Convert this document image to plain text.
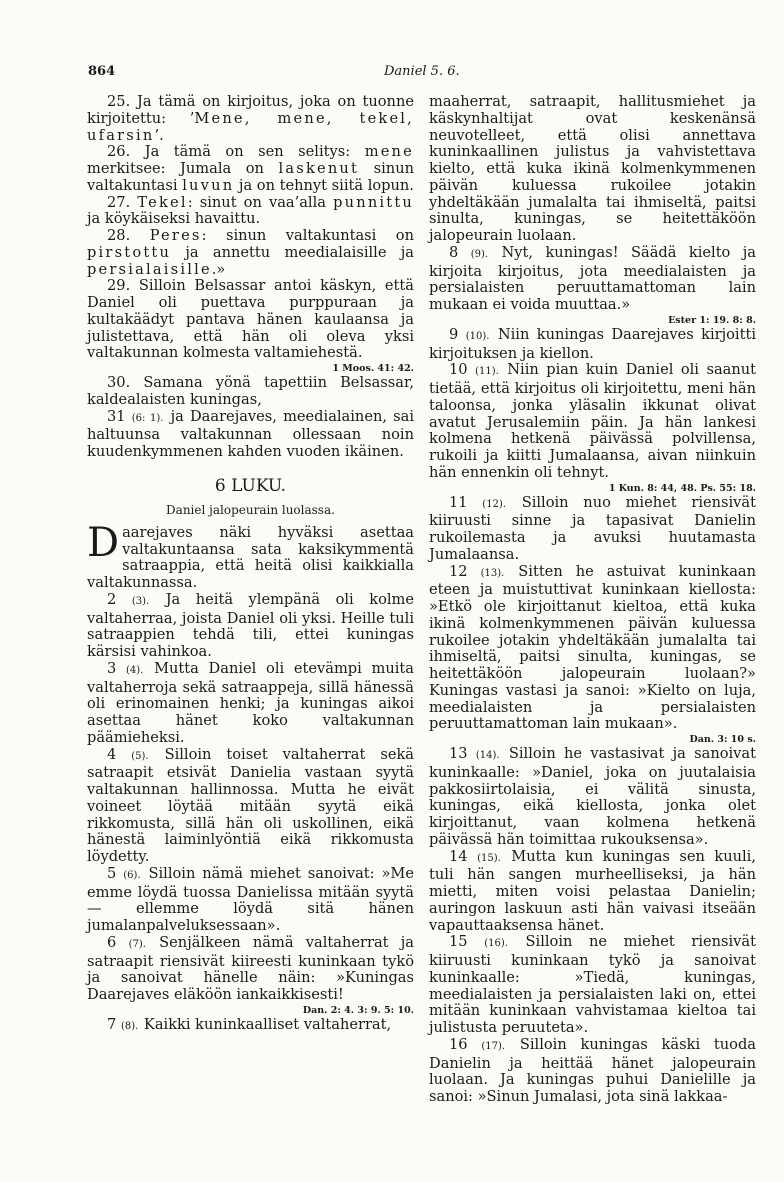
864	Daniel 5. 6.

25. Ja tämä on kirjoitus, joka on tuonne kirjoitettu: ’Mene, mene, tekel, ufarsin’.

26. Ja tämä on sen selitys: mene merkitsee: Jumala on laskenut sinun valtakuntasi luvun ja on tehnyt siitä lopun.

27. Tekel: sinut on vaa’alla punnittu ja köykäiseksi havaittu.

28. Peres: sinun valtakuntasi on pirstottu ja annettu meedialaisille ja persialaisille.»

29. Silloin Belsassar antoi käskyn, että Daniel oli puettava purppuraan ja kultakäädyt pantava hänen kaulaansa ja julistettava, että hän oli oleva yksi valtakunnan kolmesta valtamiehestä.

1 Moos. 41: 42.

30. Samana yönä tapettiin Belsassar, kaldealaisten kuningas,

31 (6: 1). ja Daarejaves, meedialainen, sai haltuunsa valtakunnan ollessaan noin kuudenkymmenen kahden vuoden ikäinen.

6 LUKU.
Daniel jalopeurain luolassa.

Daarejaves näki hyväksi asettaa valtakuntaansa sata kaksikymmentä satraappia, että heitä olisi kaikkialla valtakunnassa.

2 (3). Ja heitä ylempänä oli kolme valtaherraa, joista Daniel oli yksi. Heille tuli satraappien tehdä tili, ettei kuningas kärsisi vahinkoa.

3 (4). Mutta Daniel oli etevämpi muita valtaherroja sekä satraappeja, sillä hänessä oli erinomainen henki; ja kuningas aikoi asettaa hänet koko valtakunnan päämieheksi.

4 (5). Silloin toiset valtaherrat sekä satraapit etsivät Danielia vastaan syytä valtakunnan hallinnossa. Mutta he eivät voineet löytää mitään syytä eikä rikkomusta, sillä hän oli uskollinen, eikä hänestä laiminlyöntiä eikä rikkomusta löydetty.

5 (6). Silloin nämä miehet sanoivat: »Me emme löydä tuossa Danielissa mitään syytä — ellemme löydä sitä hänen jumalanpalveluksessaan».

6 (7). Senjälkeen nämä valtaherrat ja satraapit riensivät kiireesti kuninkaan tykö ja sanoivat hänelle näin: »Kuningas Daarejaves eläköön iankaikkisesti!

Dan. 2: 4. 3: 9. 5: 10.

7 (8). Kaikki kuninkaalliset valtaherrat,

maaherrat, satraapit, hallitusmiehet ja käskynhaltijat ovat keskenänsä neuvotelleet, että olisi annettava kuninkaallinen julistus ja vahvistettava kielto, että kuka ikinä kolmenkymmenen päivän kuluessa rukoilee jotakin yhdeltäkään jumalalta tai ihmiseltä, paitsi sinulta, kuningas, se heitettäköön jalopeurain luolaan.

8 (9). Nyt, kuningas! Säädä kielto ja kirjoita kirjoitus, jota meedialaisten ja persialaisten peruuttamattoman lain mukaan ei voida muuttaa.»

Ester 1: 19. 8: 8.

9 (10). Niin kuningas Daarejaves kirjoitti kirjoituksen ja kiellon.

10 (11). Niin pian kuin Daniel oli saanut tietää, että kirjoitus oli kirjoitettu, meni hän taloonsa, jonka yläsalin ikkunat olivat avatut Jerusalemiin päin. Ja hän lankesi kolmena hetkenä päivässä polvillensa, rukoili ja kiitti Jumalaansa, aivan niinkuin hän ennenkin oli tehnyt.

1 Kun. 8: 44, 48. Ps. 55: 18.

11 (12). Silloin nuo miehet riensivät kiiruusti sinne ja tapasivat Danielin rukoilemasta ja avuksi huutamasta Jumalaansa.

12 (13). Sitten he astuivat kuninkaan eteen ja muistuttivat kuninkaan kiellosta: »Etkö ole kirjoittanut kieltoa, että kuka ikinä kolmenkymmenen päivän kuluessa rukoilee jotakin yhdeltäkään jumalalta tai ihmiseltä, paitsi sinulta, kuningas, se heitettäköön jalopeurain luolaan?» Kuningas vastasi ja sanoi: »Kielto on lujа, meedialaisten ja persialaisten peruuttamattoman lain mukaan».

Dan. 3: 10 s.

13 (14). Silloin he vastasivat ja sanoivat kuninkaalle: »Daniel, joka on juutalaisia pakkosiirtolaisia, ei välitä sinusta, kuningas, eikä kiellosta, jonka olet kirjoittanut, vaan kolmena hetkenä päivässä hän toimittaa rukouksensa».

14 (15). Mutta kun kuningas sen kuuli, tuli hän sangen murheelliseksi, ja hän mietti, miten voisi pelastaa Danielin; auringon laskuun asti hän vaivasi itseään vapauttaaksensa hänet.

15 (16). Silloin ne miehet riensivät kiiruusti kuninkaan tykö ja sanoivat kuninkaalle: »Tiedä, kuningas, meedialaisten ja persialaisten laki on, ettei mitään kuninkaan vahvistamaa kieltoa tai julistusta peruuteta».

16 (17). Silloin kuningas käski tuoda Danielin ja heittää hänet jalopeurain luolaan. Ja kuningas puhui Danielille ja sanoi: »Sinun Jumalasi, jota sinä lakkaa-
